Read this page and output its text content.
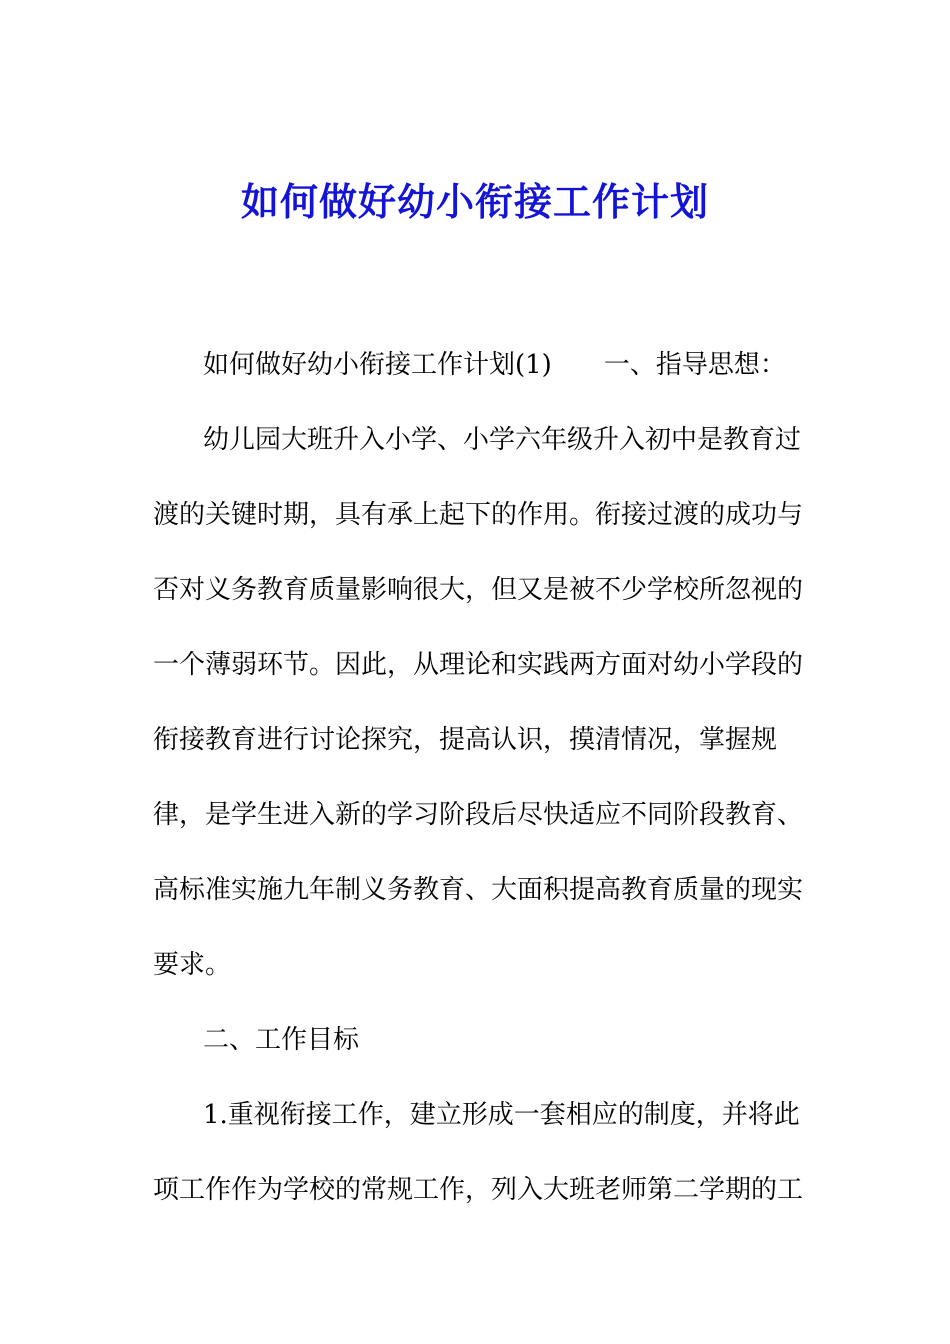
如何做好幼小衔接工作计划
如何做好幼小衔接工作计划(1) 一、指导思想：
幼儿园大班升入小学、小学六年级升入初中是教育过
渡的关键时期，具有承上起下的作用。衔接过渡的成功与
否对义务教育质量影响很大，但又是被不少学校所忽视的
一个薄弱环节。因此，从理论和实践两方面对幼小学段的
衔接教育进行讨论探究，提高认识，摸清情况，掌握规
律，是学生进入新的学习阶段后尽快适应不同阶段教育、
高标准实施九年制义务教育、大面积提高教育质量的现实
要求。
二、工作目标
1.重视衔接工作，建立形成一套相应的制度，并将此
项工作作为学校的常规工作，列入大班老师第二学期的工
